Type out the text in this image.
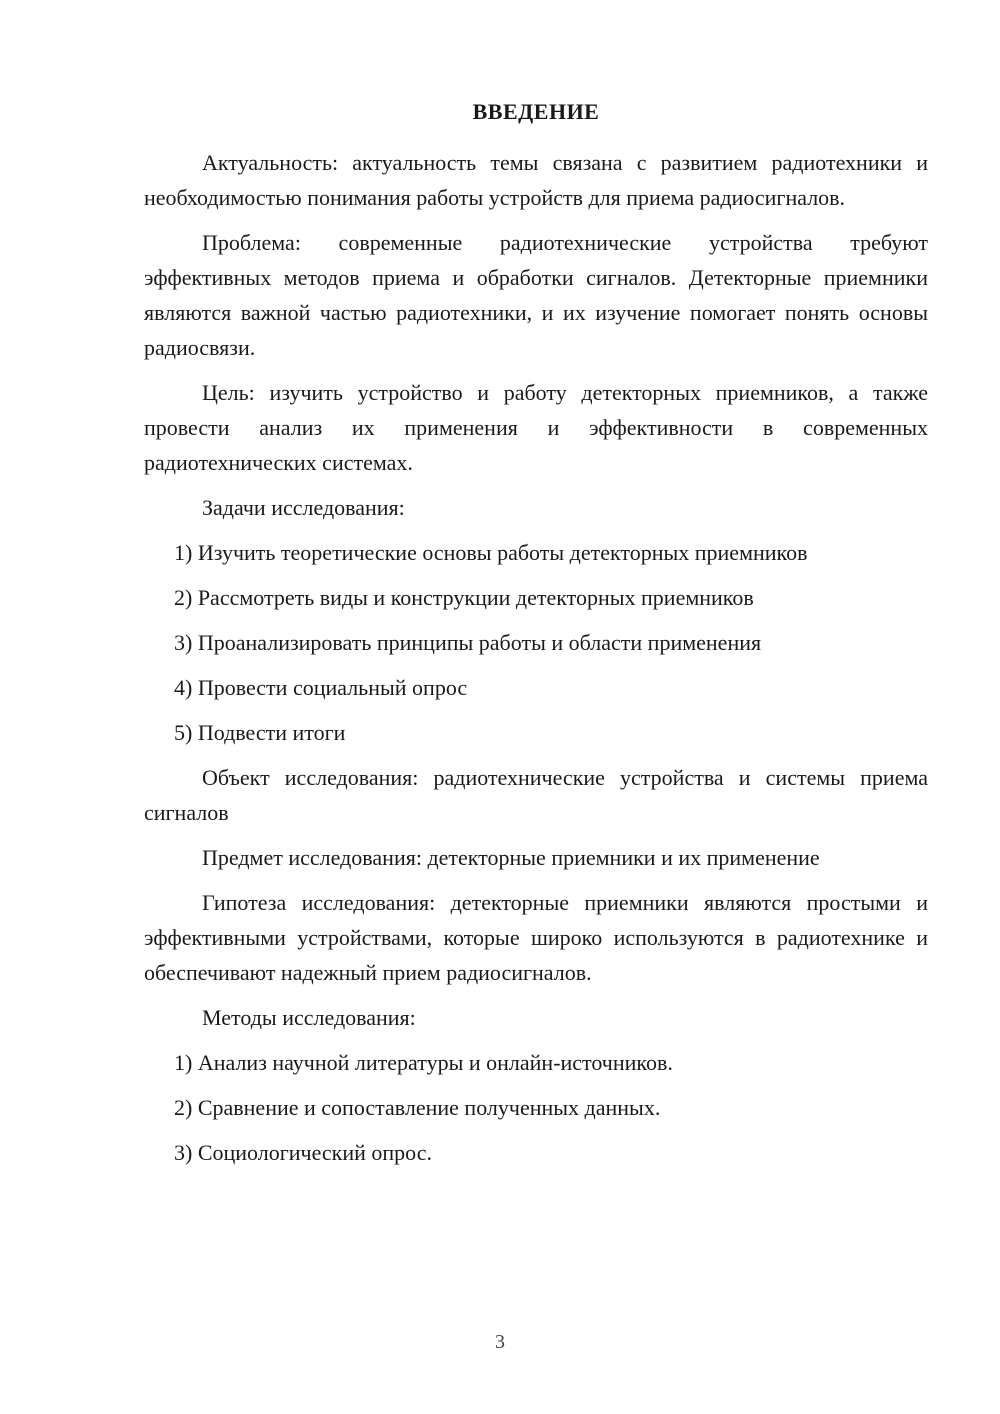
ВВЕДЕНИЕ

Актуальность: актуальность темы связана с развитием радиотехники и необходимостью понимания работы устройств для приема радиосигналов.

Проблема: современные радиотехнические устройства требуют эффективных методов приема и обработки сигналов. Детекторные приемники являются важной частью радиотехники, и их изучение помогает понять основы радиосвязи.

Цель: изучить устройство и работу детекторных приемников, а также провести анализ их применения и эффективности в современных радиотехнических системах.

Задачи исследования:

1) Изучить теоретические основы работы детекторных приемников
2) Рассмотреть виды и конструкции детекторных приемников
3) Проанализировать принципы работы и области применения
4) Провести социальный опрос
5) Подвести итоги

Объект исследования: радиотехнические устройства и системы приема сигналов

Предмет исследования: детекторные приемники и их применение

Гипотеза исследования: детекторные приемники являются простыми и эффективными устройствами, которые широко используются в радиотехнике и обеспечивают надежный прием радиосигналов.

Методы исследования:

1) Анализ научной литературы и онлайн-источников.
2) Сравнение и сопоставление полученных данных.
3) Социологический опрос.
3
